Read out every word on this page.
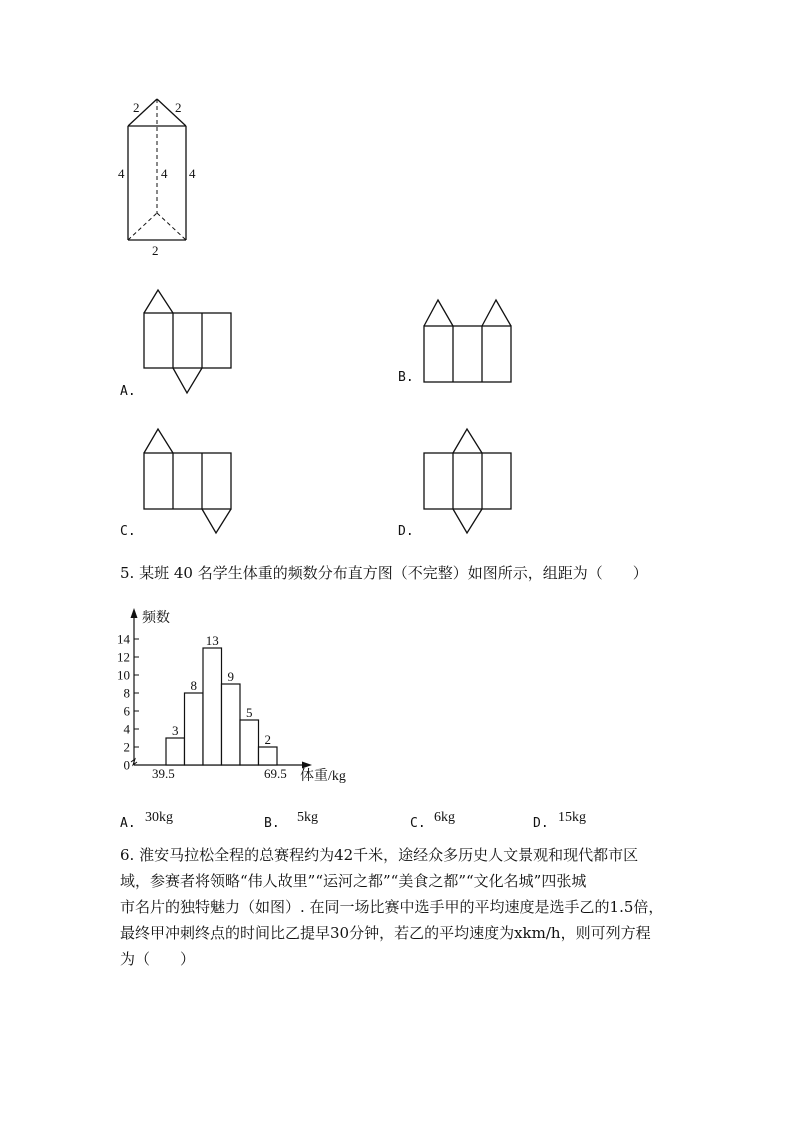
2	2
4	4 4
2
A.
B.
C.	D.
5. 某班 40 名学生体重的频数分布直方图（不完整）如图所示，组距为（　　）
频数
体重/kg
0
2
4
6
8
10
12
14
3
8
13
9
5
2
39.5	69.5
A. 30kg	B. 5kg	C. 6kg	D. 15kg
6. 淮安马拉松全程的总赛程约为42千米，途经众多历史人文景观和现代都市区
域，参赛者将领略“伟人故里”“运河之都”“美食之都”“文化名城”四张城
市名片的独特魅力（如图）. 在同一场比赛中选手甲的平均速度是选手乙的1.5倍，
最终甲冲刺终点的时间比乙提早30分钟，若乙的平均速度为xkm/h，则可列方程
为（　　）
